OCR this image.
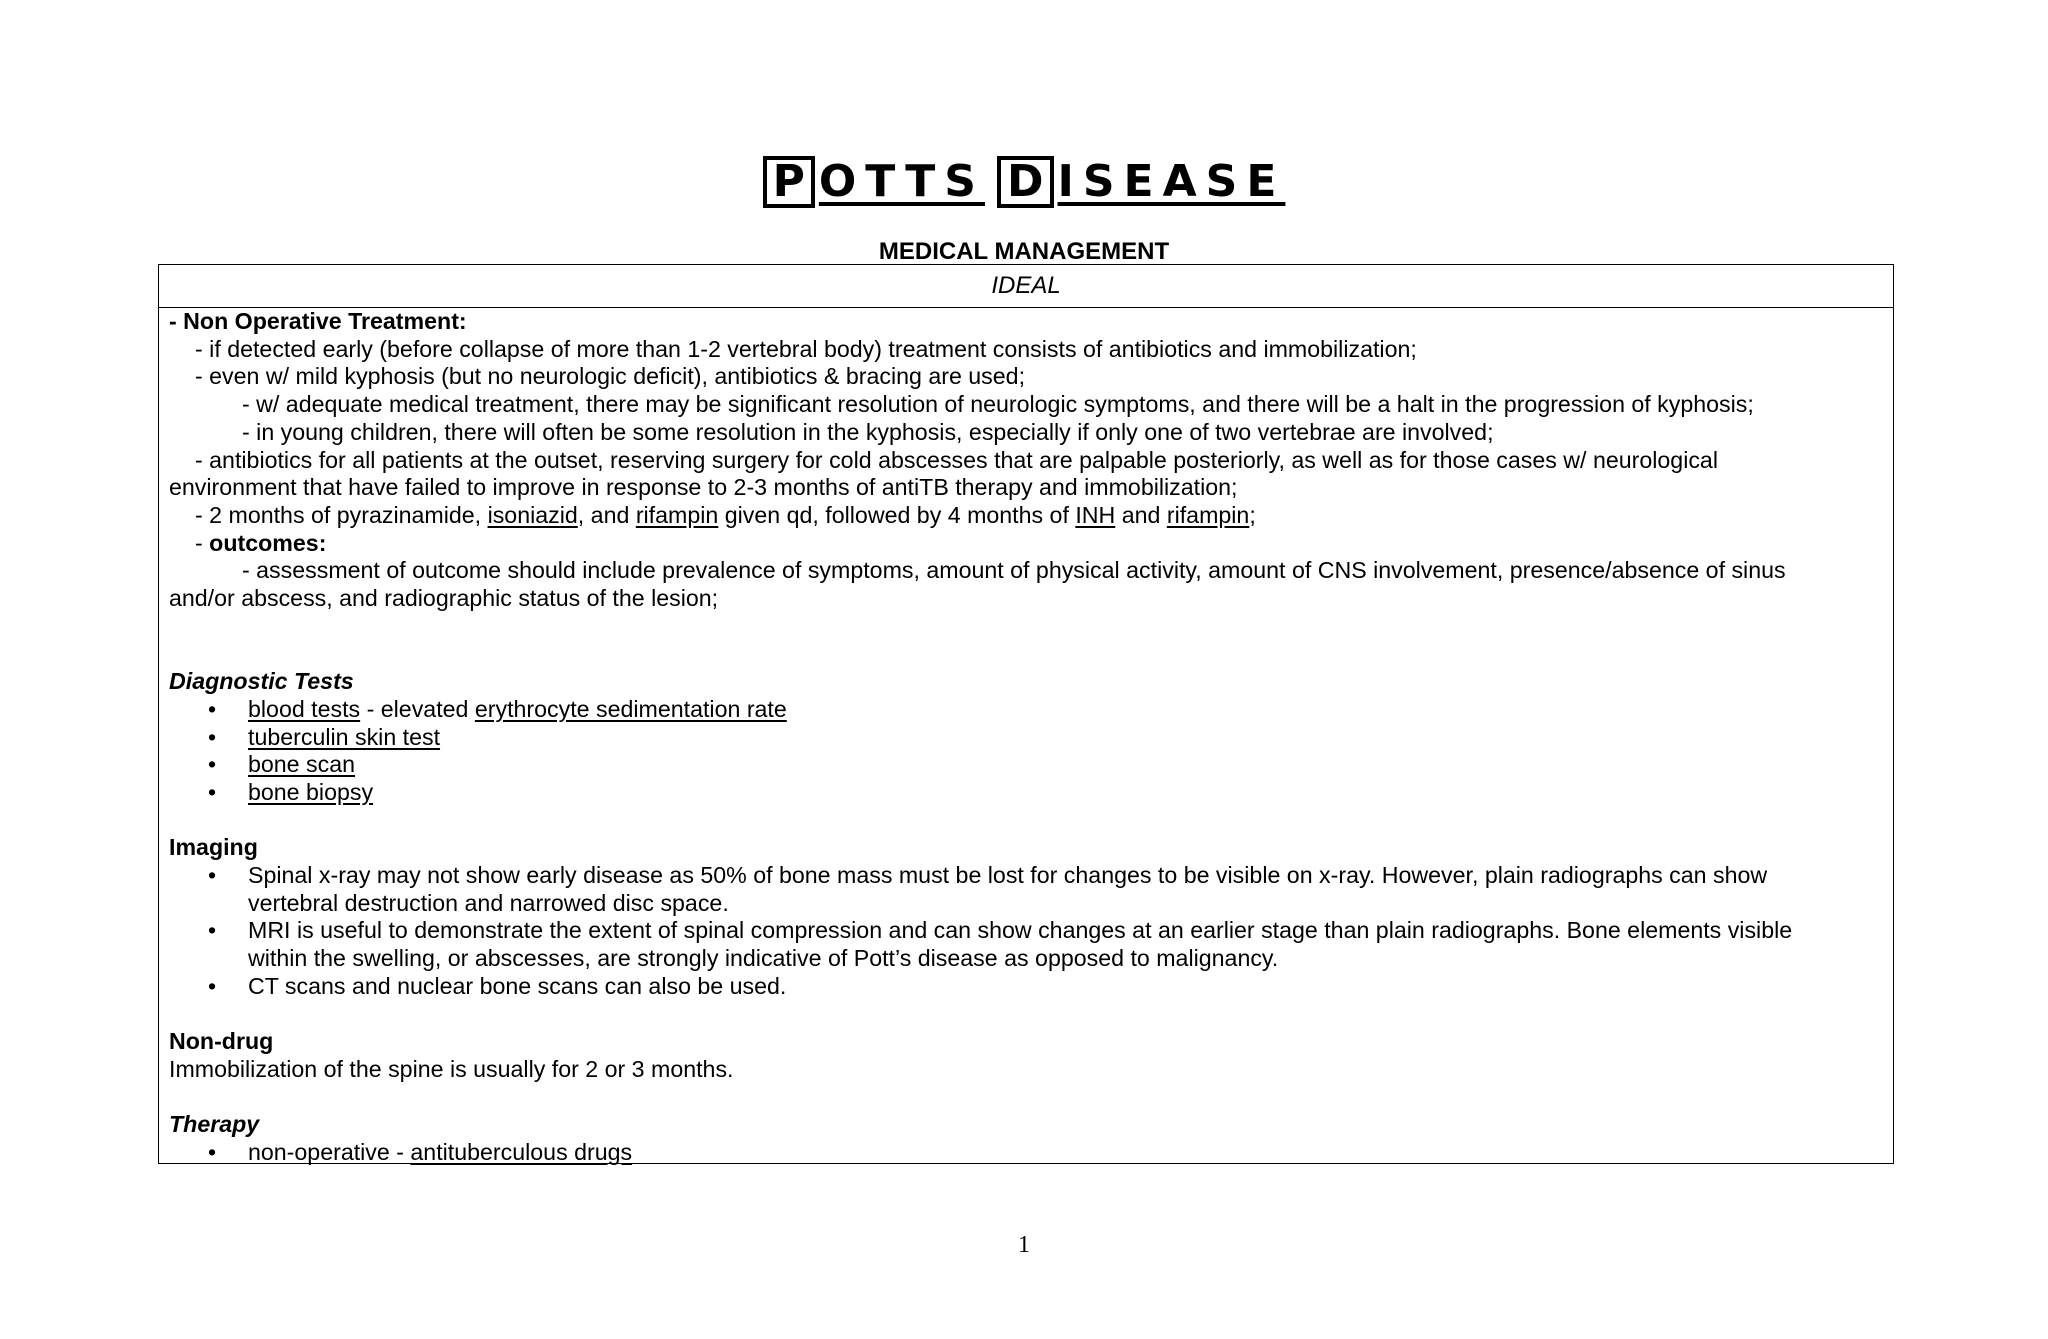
P OTTS D ISEASE
MEDICAL MANAGEMENT
IDEAL
- Non Operative Treatment:
- if detected early (before collapse of more than 1-2 vertebral body) treatment consists of antibiotics and immobilization;
- even w/ mild kyphosis (but no neurologic deficit), antibiotics & bracing are used;
- w/ adequate medical treatment, there may be significant resolution of neurologic symptoms, and there will be a halt in the progression of kyphosis;
- in young children, there will often be some resolution in the kyphosis, especially if only one of two vertebrae are involved;
- antibiotics for all patients at the outset, reserving surgery for cold abscesses that are palpable posteriorly, as well as for those cases w/ neurological
environment that have failed to improve in response to 2-3 months of antiTB therapy and immobilization;
- 2 months of pyrazinamide, isoniazid, and rifampin given qd, followed by 4 months of INH and rifampin;
- outcomes:
- assessment of outcome should include prevalence of symptoms, amount of physical activity, amount of CNS involvement, presence/absence of sinus
and/or abscess, and radiographic status of the lesion;
Diagnostic Tests
• blood tests - elevated erythrocyte sedimentation rate
• tuberculin skin test
• bone scan
• bone biopsy
Imaging
• Spinal x-ray may not show early disease as 50% of bone mass must be lost for changes to be visible on x-ray. However, plain radiographs can show
vertebral destruction and narrowed disc space.
• MRI is useful to demonstrate the extent of spinal compression and can show changes at an earlier stage than plain radiographs. Bone elements visible
within the swelling, or abscesses, are strongly indicative of Pott’s disease as opposed to malignancy.
• CT scans and nuclear bone scans can also be used.
Non-drug
Immobilization of the spine is usually for 2 or 3 months.
Therapy
• non-operative - antituberculous drugs
1
